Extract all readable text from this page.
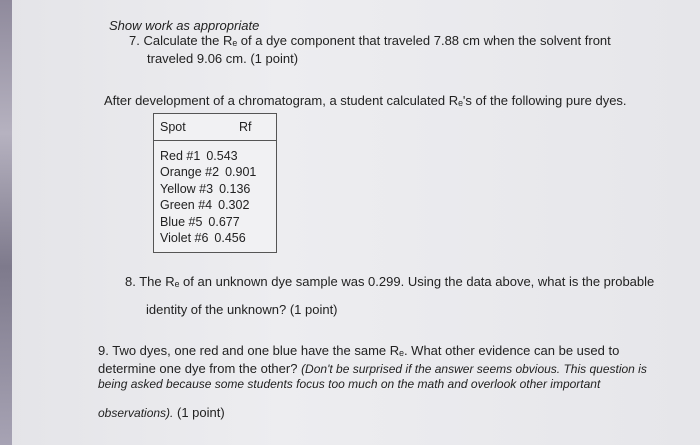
Show work as appropriate
7. Calculate the Rₑ of a dye component that traveled 7.88 cm when the solvent front
traveled 9.06 cm. (1 point)
After development of a chromatogram, a student calculated Rₑ's of the following pure dyes.
Spot	Rf
Red #1 0.543
Orange #2 0.901
Yellow #3 0.136
Green #4 0.302
Blue #5 0.677
Violet #6 0.456
8. The Rₑ of an unknown dye sample was 0.299. Using the data above, what is the probable
identity of the unknown? (1 point)
9. Two dyes, one red and one blue have the same Rₑ. What other evidence can be used to
determine one dye from the other? (Don't be surprised if the answer seems obvious. This question is
being asked because some students focus too much on the math and overlook other important
observations). (1 point)
